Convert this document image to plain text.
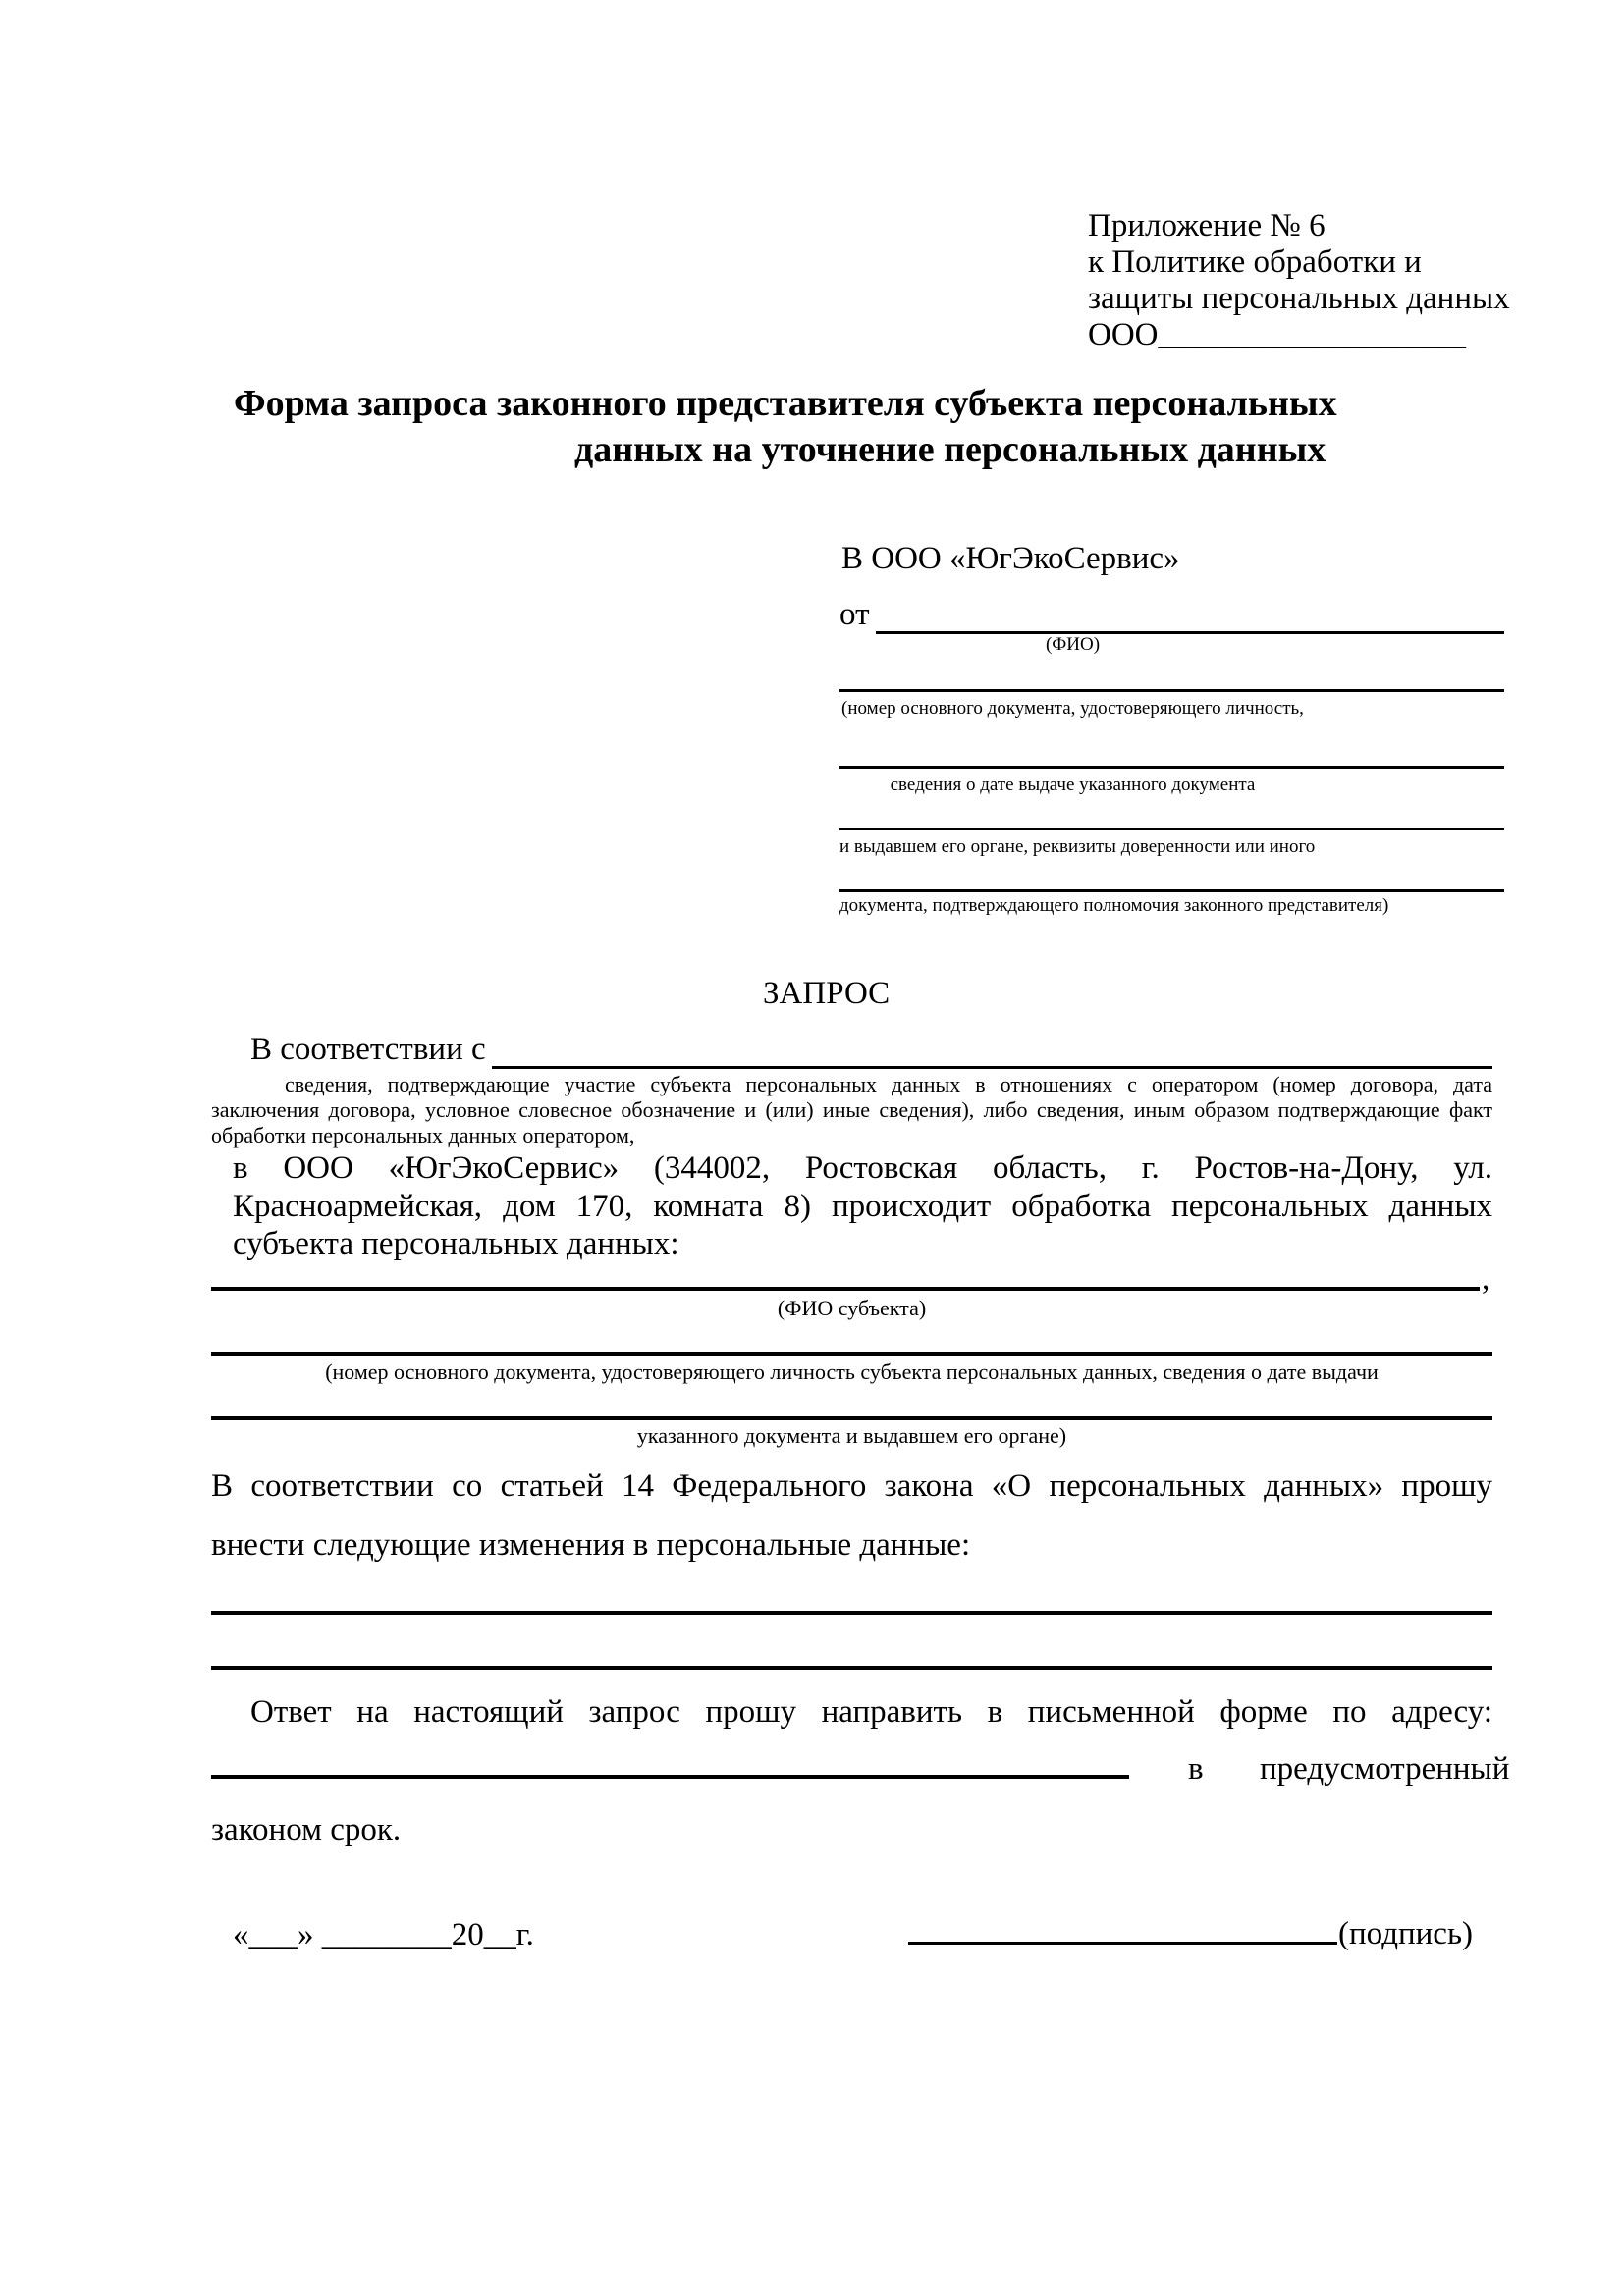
Приложение № 6
к Политике обработки и
защиты персональных данных
ООО___________________
Форма запроса законного представителя субъекта персональных
данных на уточнение персональных данных
В ООО «ЮгЭкоСервис»
от
(ФИО)
(номер основного документа, удостоверяющего личность,
сведения о дате выдаче указанного документа
и выдавшем его органе, реквизиты доверенности или иного
документа, подтверждающего полномочия законного представителя)
ЗАПРОС
В соответствии с
сведения, подтверждающие участие субъекта персональных данных в отношениях с оператором (номер договора, дата
заключения договора, условное словесное обозначение и (или) иные сведения), либо сведения, иным образом подтверждающие факт
обработки персональных данных оператором,
в ООО «ЮгЭкоСервис» (344002, Ростовская область, г. Ростов-на-Дону, ул.
Красноармейская, дом 170, комната 8) происходит обработка персональных данных
субъекта персональных данных:
,
(ФИО субъекта)
(номер основного документа, удостоверяющего личность субъекта персональных данных, сведения о дате выдачи
указанного документа и выдавшем его органе)
В соответствии со статьей 14 Федерального закона «О персональных данных» прошу
внести следующие изменения в персональные данные:
Ответ на настоящий запрос прошу направить в письменной форме по адресу:
в предусмотренный
законом срок.
«___» ________20__г.	(подпись)
